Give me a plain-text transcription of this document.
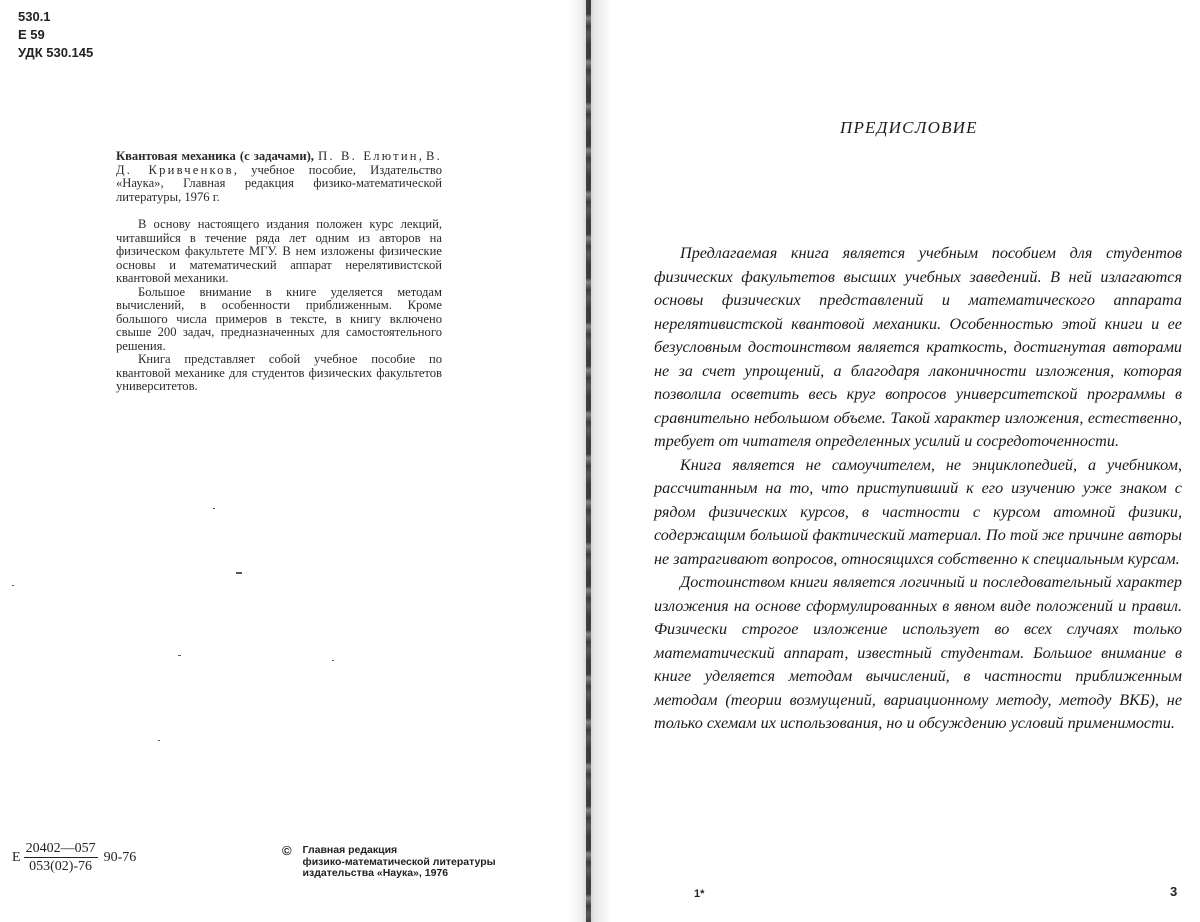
530.1
Е 59
УДК 530.145
Квантовая механика (с задачами), П. В. Елютин, В. Д. Кривченков, учебное пособие, Издательство «Наука», Главная редакция физико-математической литературы, 1976 г.

В основу настоящего издания положен курс лекций, читавшийся в течение ряда лет одним из авторов на физическом факультете МГУ. В нем изложены физические основы и математический аппарат нерелятивистской квантовой механики.

Большое внимание в книге уделяется методам вычислений, в особенности приближенным. Кроме большого числа примеров в тексте, в книгу включено свыше 200 задач, предназначенных для самостоятельного решения.

Книга представляет собой учебное пособие по квантовой механике для студентов физических факультетов университетов.

Е $\frac{20402—057}{053(02)-76} 90-76$	© Главная редакция
физико-математической литературы
издательства «Наука», 1976
ПРЕДИСЛОВИЕ

Предлагаемая книга является учебным пособием для студентов физических факультетов высших учебных заведений. В ней излагаются основы физических представлений и математического аппарата нерелятивистской квантовой механики. Особенностью этой книги и ее безусловным достоинством является краткость, достигнутая авторами не за счет упрощений, а благодаря лаконичности изложения, которая позволила осветить весь круг вопросов университетской программы в сравнительно небольшом объеме. Такой характер изложения, естественно, требует от читателя определенных усилий и сосредоточенности.

Книга является не самоучителем, не энциклопедией, а учебником, рассчитанным на то, что приступивший к его изучению уже знаком с рядом физических курсов, в частности с курсом атомной физики, содержащим большой фактический материал. По той же причине авторы не затрагивают вопросов, относящихся собственно к специальным курсам.

Достоинством книги является логичный и последовательный характер изложения на основе сформулированных в явном виде положений и правил. Физически строгое изложение использует во всех случаях только математический аппарат, известный студентам. Большое внимание в книге уделяется методам вычислений, в частности приближенным методам (теории возмущений, вариационному методу, методу ВКБ), не только схемам их использования, но и обсуждению условий применимости.

1*	3
